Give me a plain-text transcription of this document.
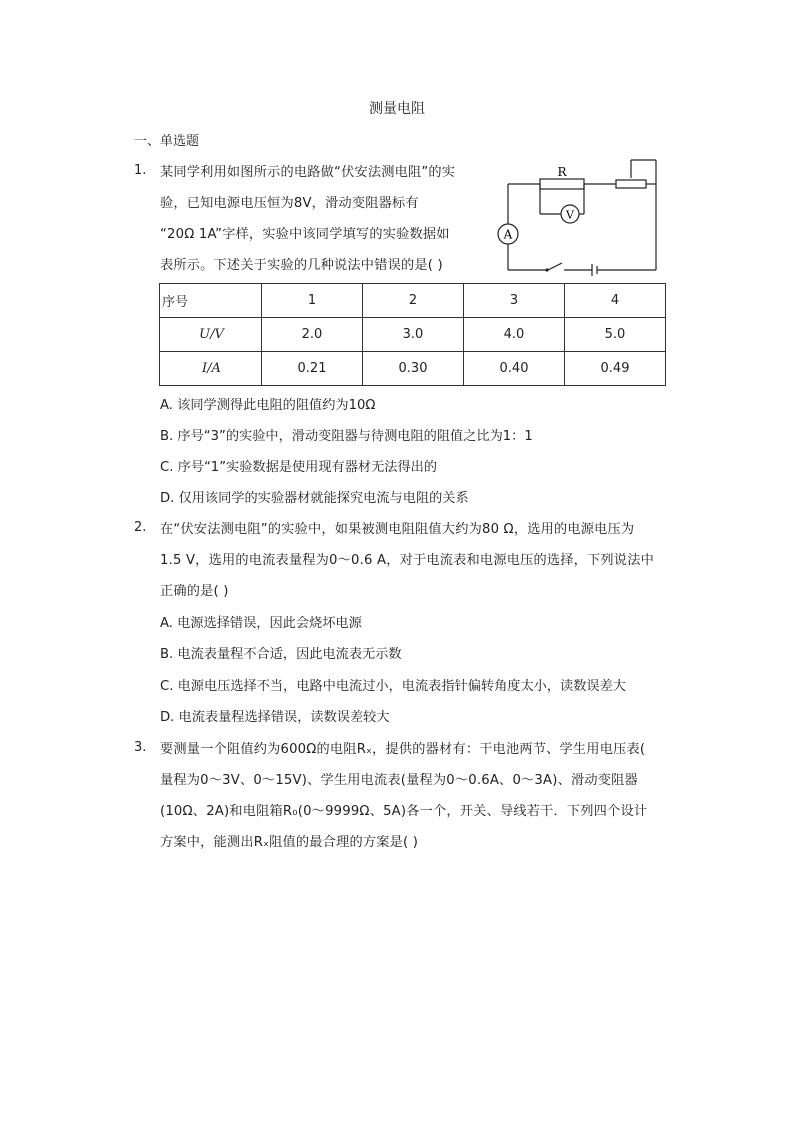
测量电阻
一、单选题
1. 某同学利用如图所示的电路做“伏安法测电阻”的实
验，已知电源电压恒为8V，滑动变阻器标有
“20Ω 1A”字样，实验中该同学填写的实验数据如
表所示。下述关于实验的几种说法中错误的是( )
R
V
A
序号	1	2	3	4
U/V	2.0	3.0	4.0	5.0
I/A	0.21	0.30	0.40	0.49
A. 该同学测得此电阻的阻值约为10Ω
B. 序号“3”的实验中，滑动变阻器与待测电阻的阻值之比为1：1
C. 序号“1”实验数据是使用现有器材无法得出的
D. 仅用该同学的实验器材就能探究电流与电阻的关系
2. 在“伏安法测电阻”的实验中，如果被测电阻阻值大约为80 Ω，选用的电源电压为
1.5 V，选用的电流表量程为0～0.6 A，对于电流表和电源电压的选择，下列说法中
正确的是( )
A. 电源选择错误，因此会烧坏电源
B. 电流表量程不合适，因此电流表无示数
C. 电源电压选择不当，电路中电流过小，电流表指针偏转角度太小，读数误差大
D. 电流表量程选择错误，读数误差较大
3. 要测量一个阻值约为600Ω的电阻Rₓ，提供的器材有：干电池两节、学生用电压表(
量程为0～3V、0～15V)、学生用电流表(量程为0～0.6A、0～3A)、滑动变阻器
(10Ω、2A)和电阻箱R₀(0～9999Ω、5A)各一个，开关、导线若干．下列四个设计
方案中，能测出Rₓ阻值的最合理的方案是( )
